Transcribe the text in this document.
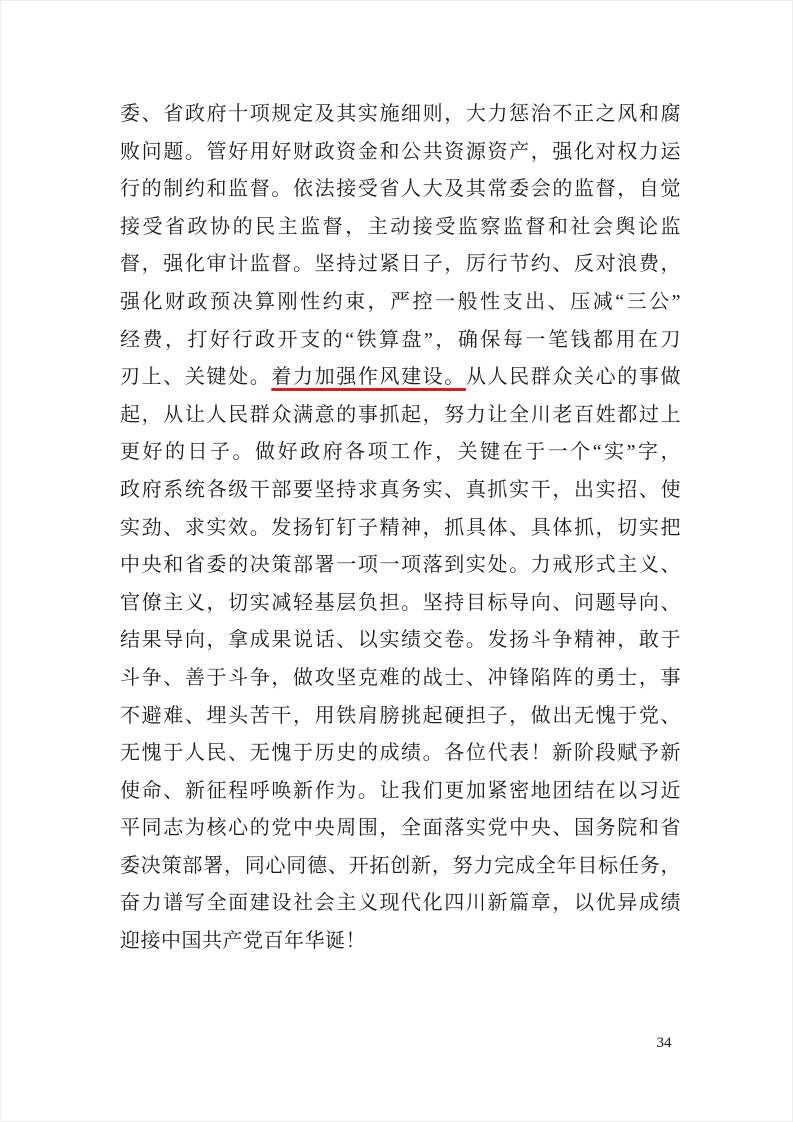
委、省政府十项规定及其实施细则，大力惩治不正之风和腐
败问题。管好用好财政资金和公共资源资产，强化对权力运
行的制约和监督。依法接受省人大及其常委会的监督，自觉
接受省政协的民主监督，主动接受监察监督和社会舆论监
督，强化审计监督。坚持过紧日子，厉行节约、反对浪费，
强化财政预决算刚性约束，严控一般性支出、压减“三公”
经费，打好行政开支的“铁算盘”，确保每一笔钱都用在刀
刃上、关键处。着力加强作风建设。从人民群众关心的事做
起，从让人民群众满意的事抓起，努力让全川老百姓都过上
更好的日子。做好政府各项工作，关键在于一个“实”字，
政府系统各级干部要坚持求真务实、真抓实干，出实招、使
实劲、求实效。发扬钉钉子精神，抓具体、具体抓，切实把
中央和省委的决策部署一项一项落到实处。力戒形式主义、
官僚主义，切实减轻基层负担。坚持目标导向、问题导向、
结果导向，拿成果说话、以实绩交卷。发扬斗争精神，敢于
斗争、善于斗争，做攻坚克难的战士、冲锋陷阵的勇士，事
不避难、埋头苦干，用铁肩膀挑起硬担子，做出无愧于党、
无愧于人民、无愧于历史的成绩。各位代表！新阶段赋予新
使命、新征程呼唤新作为。让我们更加紧密地团结在以习近
平同志为核心的党中央周围，全面落实党中央、国务院和省
委决策部署，同心同德、开拓创新，努力完成全年目标任务，
奋力谱写全面建设社会主义现代化四川新篇章，以优异成绩
迎接中国共产党百年华诞！
34
